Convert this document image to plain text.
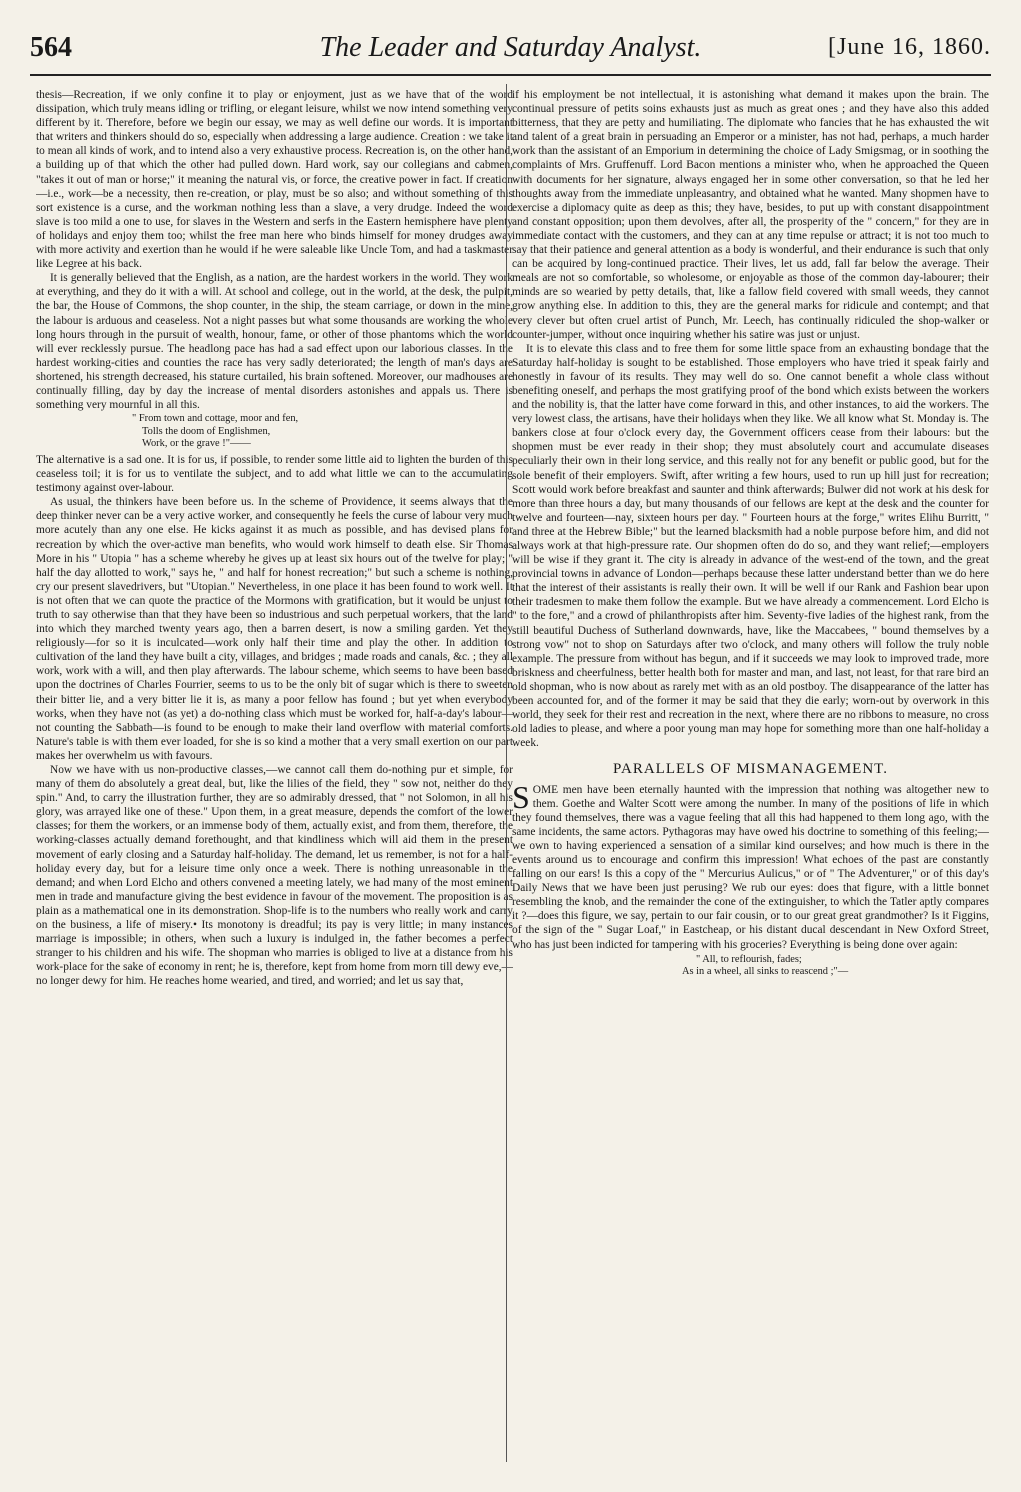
564	The Leader and Saturday Analyst.	[June 16, 1860.

thesis—Recreation, if we only confine it to play or enjoyment, just as we have that of the word dissipation, which truly means idling or trifling, or elegant leisure, whilst we now intend something very different by it. Therefore, before we begin our essay, we may as well define our words. It is important that writers and thinkers should do so, especially when addressing a large audience. Creation : we take it to mean all kinds of work, and to intend also a very exhaustive process. Recreation is, on the other hand, a building up of that which the other had pulled down. Hard work, say our collegians and cabmen, "takes it out of man or horse;" it meaning the natural vis, or force, the creative power in fact. If creation—i.e., work—be a necessity, then re-creation, or play, must be so also; and without something of this sort existence is a curse, and the workman nothing less than a slave, a very drudge. Indeed the word slave is too mild a one to use, for slaves in the Western and serfs in the Eastern hemisphere have plenty of holidays and enjoy them too; whilst the free man here who binds himself for money drudges away with more activity and exertion than he would if he were saleable like Uncle Tom, and had a taskmaster like Legree at his back.

It is generally believed that the English, as a nation, are the hardest workers in the world. They work at everything, and they do it with a will. At school and college, out in the world, at the desk, the pulpit, the bar, the House of Commons, the shop counter, in the ship, the steam carriage, or down in the mine, the labour is arduous and ceaseless. Not a night passes but what some thousands are working the whole long hours through in the pursuit of wealth, honour, fame, or other of those phantoms which the world will ever recklessly pursue. The headlong pace has had a sad effect upon our laborious classes. In the hardest working-cities and counties the race has very sadly deteriorated; the length of man's days are shortened, his strength decreased, his stature curtailed, his brain softened. Moreover, our madhouses are continually filling, day by day the increase of mental disorders astonishes and appals us. There is something very mournful in all this.

" From town and cottage, moor and fen,
Tolls the doom of Englishmen,
Work, or the grave !"——

The alternative is a sad one. It is for us, if possible, to render some little aid to lighten the burden of this ceaseless toil; it is for us to ventilate the subject, and to add what little we can to the accumulating testimony against over-labour.

As usual, the thinkers have been before us. In the scheme of Providence, it seems always that the deep thinker never can be a very active worker, and consequently he feels the curse of labour very much more acutely than any one else. He kicks against it as much as possible, and has devised plans for recreation by which the over-active man benefits, who would work himself to death else. Sir Thomas More in his " Utopia " has a scheme whereby he gives up at least six hours out of the twelve for play; " half the day allotted to work," says he, " and half for honest recreation;" but such a scheme is nothing, cry our present slavedrivers, but "Utopian." Nevertheless, in one place it has been found to work well. It is not often that we can quote the practice of the Mormons with gratification, but it would be unjust to truth to say otherwise than that they have been so industrious and such perpetual workers, that the land into which they marched twenty years ago, then a barren desert, is now a smiling garden. Yet they religiously—for so it is inculcated—work only half their time and play the other. In addition to cultivation of the land they have built a city, villages, and bridges ; made roads and canals, &c. ; they all work, work with a will, and then play afterwards. The labour scheme, which seems to have been based upon the doctrines of Charles Fourrier, seems to us to be the only bit of sugar which is there to sweeten their bitter lie, and a very bitter lie it is, as many a poor fellow has found ; but yet when everybody works, when they have not (as yet) a do-nothing class which must be worked for, half-a-day's labour—not counting the Sabbath—is found to be enough to make their land overflow with material comforts. Nature's table is with them ever loaded, for she is so kind a mother that a very small exertion on our part makes her overwhelm us with favours.

Now we have with us non-productive classes,—we cannot call them do-nothing pur et simple, for many of them do absolutely a great deal, but, like the lilies of the field, they " sow not, neither do they spin." And, to carry the illustration further, they are so admirably dressed, that " not Solomon, in all his glory, was arrayed like one of these." Upon them, in a great measure, depends the comfort of the lower classes; for them the workers, or an immense body of them, actually exist, and from them, therefore, the working-classes actually demand forethought, and that kindliness which will aid them in the present movement of early closing and a Saturday half-holiday. The demand, let us remember, is not for a half-holiday every day, but for a leisure time only once a week. There is nothing unreasonable in the demand; and when Lord Elcho and others convened a meeting lately, we had many of the most eminent men in trade and manufacture giving the best evidence in favour of the movement. The proposition is as plain as a mathematical one in its demonstration. Shop-life is to the numbers who really work and carry on the business, a life of misery.• Its monotony is dreadful; its pay is very little; in many instances marriage is impossible; in others, when such a luxury is indulged in, the father becomes a perfect stranger to his children and his wife. The shopman who marries is obliged to live at a distance from his work-place for the sake of economy in rent; he is, therefore, kept from home from morn till dewy eve,—no longer dewy for him. He reaches home wearied, and tired, and worried; and let us say that,

if his employment be not intellectual, it is astonishing what demand it makes upon the brain. The continual pressure of petits soins exhausts just as much as great ones ; and they have also this added bitterness, that they are petty and humiliating. The diplomate who fancies that he has exhausted the wit and talent of a great brain in persuading an Emperor or a minister, has not had, perhaps, a much harder work than the assistant of an Emporium in determining the choice of Lady Smigsmag, or in soothing the complaints of Mrs. Gruffenuff. Lord Bacon mentions a minister who, when he approached the Queen with documents for her signature, always engaged her in some other conversation, so that he led her thoughts away from the immediate unpleasantry, and obtained what he wanted. Many shopmen have to exercise a diplomacy quite as deep as this; they have, besides, to put up with constant disappointment and constant opposition; upon them devolves, after all, the prosperity of the " concern," for they are in immediate contact with the customers, and they can at any time repulse or attract; it is not too much to say that their patience and general attention as a body is wonderful, and their endurance is such that only can be acquired by long-continued practice. Their lives, let us add, fall far below the average. Their meals are not so comfortable, so wholesome, or enjoyable as those of the common day-labourer; their minds are so wearied by petty details, that, like a fallow field covered with small weeds, they cannot grow anything else. In addition to this, they are the general marks for ridicule and contempt; and that very clever but often cruel artist of Punch, Mr. Leech, has continually ridiculed the shop-walker or counter-jumper, without once inquiring whether his satire was just or unjust.

It is to elevate this class and to free them for some little space from an exhausting bondage that the Saturday half-holiday is sought to be established. Those employers who have tried it speak fairly and honestly in favour of its results. They may well do so. One cannot benefit a whole class without benefiting oneself, and perhaps the most gratifying proof of the bond which exists between the workers and the nobility is, that the latter have come forward in this, and other instances, to aid the workers. The very lowest class, the artisans, have their holidays when they like. We all know what St. Monday is. The bankers close at four o'clock every day, the Government officers cease from their labours: but the shopmen must be ever ready in their shop; they must absolutely court and accumulate diseases peculiarly their own in their long service, and this really not for any benefit or public good, but for the sole benefit of their employers. Swift, after writing a few hours, used to run up hill just for recreation; Scott would work before breakfast and saunter and think afterwards; Bulwer did not work at his desk for more than three hours a day, but many thousands of our fellows are kept at the desk and the counter for twelve and fourteen—nay, sixteen hours per day. " Fourteen hours at the forge," writes Elihu Burritt, " and three at the Hebrew Bible;" but the learned blacksmith had a noble purpose before him, and did not always work at that high-pressure rate. Our shopmen often do do so, and they want relief;—employers will be wise if they grant it. The city is already in advance of the west-end of the town, and the great provincial towns in advance of London—perhaps because these latter understand better than we do here that the interest of their assistants is really their own. It will be well if our Rank and Fashion bear upon their tradesmen to make them follow the example. But we have already a commencement. Lord Elcho is " to the fore," and a crowd of philanthropists after him. Seventy-five ladies of the highest rank, from the still beautiful Duchess of Sutherland downwards, have, like the Maccabees, " bound themselves by a strong vow" not to shop on Saturdays after two o'clock, and many others will follow the truly noble example. The pressure from without has begun, and if it succeeds we may look to improved trade, more briskness and cheerfulness, better health both for master and man, and last, not least, for that rare bird an old shopman, who is now about as rarely met with as an old postboy. The disappearance of the latter has been accounted for, and of the former it may be said that they die early; worn-out by overwork in this world, they seek for their rest and recreation in the next, where there are no ribbons to measure, no cross old ladies to please, and where a poor young man may hope for something more than one half-holiday a week.

PARALLELS OF MISMANAGEMENT.

SOME men have been eternally haunted with the impression that nothing was altogether new to them. Goethe and Walter Scott were among the number. In many of the positions of life in which they found themselves, there was a vague feeling that all this had happened to them long ago, with the same incidents, the same actors. Pythagoras may have owed his doctrine to something of this feeling;—we own to having experienced a sensation of a similar kind ourselves; and how much is there in the events around us to encourage and confirm this impression! What echoes of the past are constantly falling on our ears! Is this a copy of the " Mercurius Aulicus," or of " The Adventurer," or of this day's Daily News that we have been just perusing? We rub our eyes: does that figure, with a little bonnet resembling the knob, and the remainder the cone of the extinguisher, to which the Tatler aptly compares it ?—does this figure, we say, pertain to our fair cousin, or to our great great grandmother? Is it Figgins, of the sign of the " Sugar Loaf," in Eastcheap, or his distant ducal descendant in New Oxford Street, who has just been indicted for tampering with his groceries? Everything is being done over again:

" All, to reflourish, fades;
As in a wheel, all sinks to reascend ;"—
